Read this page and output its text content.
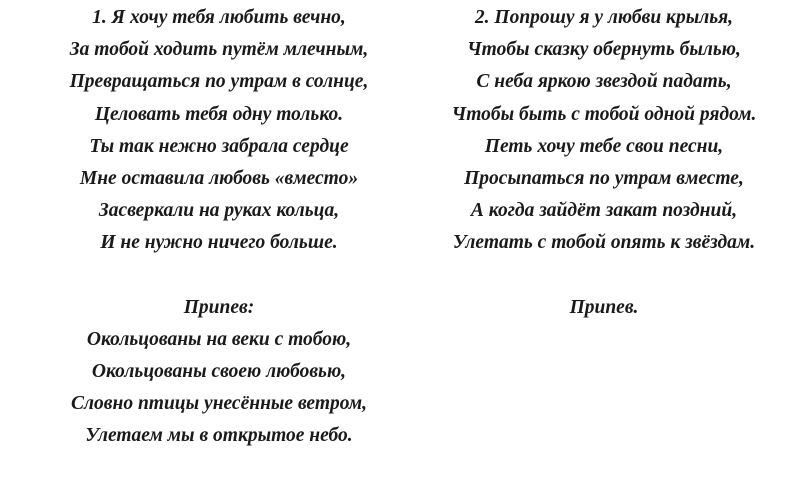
1. Я хочу тебя любить вечно,
За тобой ходить путём млечным,
Превращаться по утрам в солнце,
Целовать тебя одну только.
Ты так нежно забрала сердце
Мне оставила любовь «вместо»
Засверкали на руках кольца,
И не нужно ничего больше.
Припев:
Окольцованы на веки с тобою,
Окольцованы своею любовью,
Словно птицы унесённые ветром,
Улетаем мы в открытое небо.
2. Попрошу я у любви крылья,
Чтобы сказку обернуть былью,
С неба яркою звездой падать,
Чтобы быть с тобой одной рядом.
Петь хочу тебе свои песни,
Просыпаться по утрам вместе,
А когда зайдёт закат поздний,
Улетать с тобой опять к звёздам.
Припев.
